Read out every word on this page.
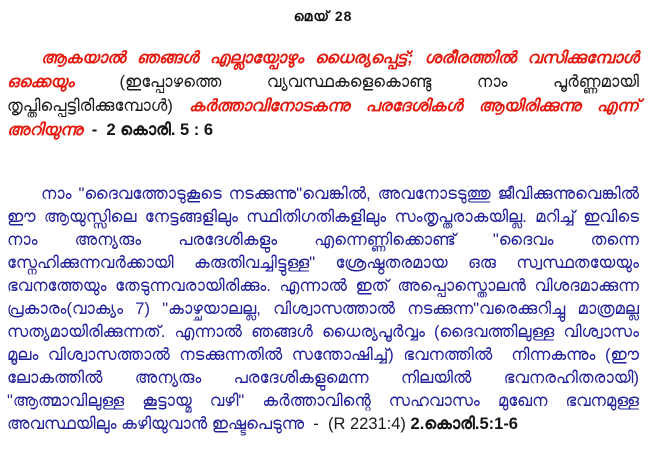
മെയ് 28

ആകയാൽ ഞങ്ങൾ എല്ലായ്പോഴും ധൈര്യപ്പെട്ട്; ശരീരത്തിൽ വസിക്കുമ്പോൾ ഒക്കെയും (ഇപ്പോഴത്തെ വ്യവസ്ഥകളെകൊണ്ടു നാം പൂർണ്ണമായി തൃപ്തിപ്പെട്ടിരിക്കുമ്പോൾ) കർത്താവിനോടകന്നു പരദേശികൾ ആയിരിക്കുന്നു എന്ന് അറിയുന്നു  -  2 കൊരി. 5 : 6

നാം "ദൈവത്തോടുകൂടെ നടക്കുന്നു"വെങ്കിൽ, അവനോടടുത്തു ജീവിക്കുന്നുവെങ്കിൽ ഈ ആയുസ്സിലെ നേട്ടങ്ങളിലും സ്ഥിതിഗതികളിലും സംതൃപ്തരാകയില്ല. മറിച്ച് ഇവിടെ നാം അന്യരും പരദേശികളും എന്നെണ്ണിക്കൊണ്ട് "ദൈവം തന്നെ സ്നേഹിക്കുന്നവർക്കായി കരുതിവച്ചിട്ടുള്ള" ശ്രേഷ്ഠതരമായ ഒരു സ്വസ്ഥതയേയും ഭവനത്തേയും തേടുന്നവരായിരിക്കും. എന്നാൽ ഇത് അപ്പൊസ്തൊലൻ വിശദമാക്കുന്ന പ്രകാരം(വാക്യം 7) "കാഴ്ചയാലല്ല, വിശ്വാസത്താൽ നടക്കുന്ന"വരെക്കുറിച്ചു മാത്രമല്ല സത്യമായിരിക്കുന്നത്. എന്നാൽ ഞങ്ങൾ ധൈര്യപൂർവ്വം (ദൈവത്തിലുള്ള വിശ്വാസം മൂലം വിശ്വാസത്താൽ നടക്കുന്നതിൽ സന്തോഷിച്ച്) ഭവനത്തിൽ  നിന്നകന്നും (ഈ ലോകത്തിൽ അന്യരും പരദേശികളുമെന്ന നിലയിൽ ഭവനരഹിതരായി) "ആത്മാവിലുള്ള കൂട്ടായ്മ വഴി" കർത്താവിന്റെ സഹവാസം മുഖേന ഭവനമുള്ള അവസ്ഥയിലും കഴിയുവാൻ ഇഷ്ടപെടുന്നു  -  (R 2231:4) 2.കൊരി.5:1-6
